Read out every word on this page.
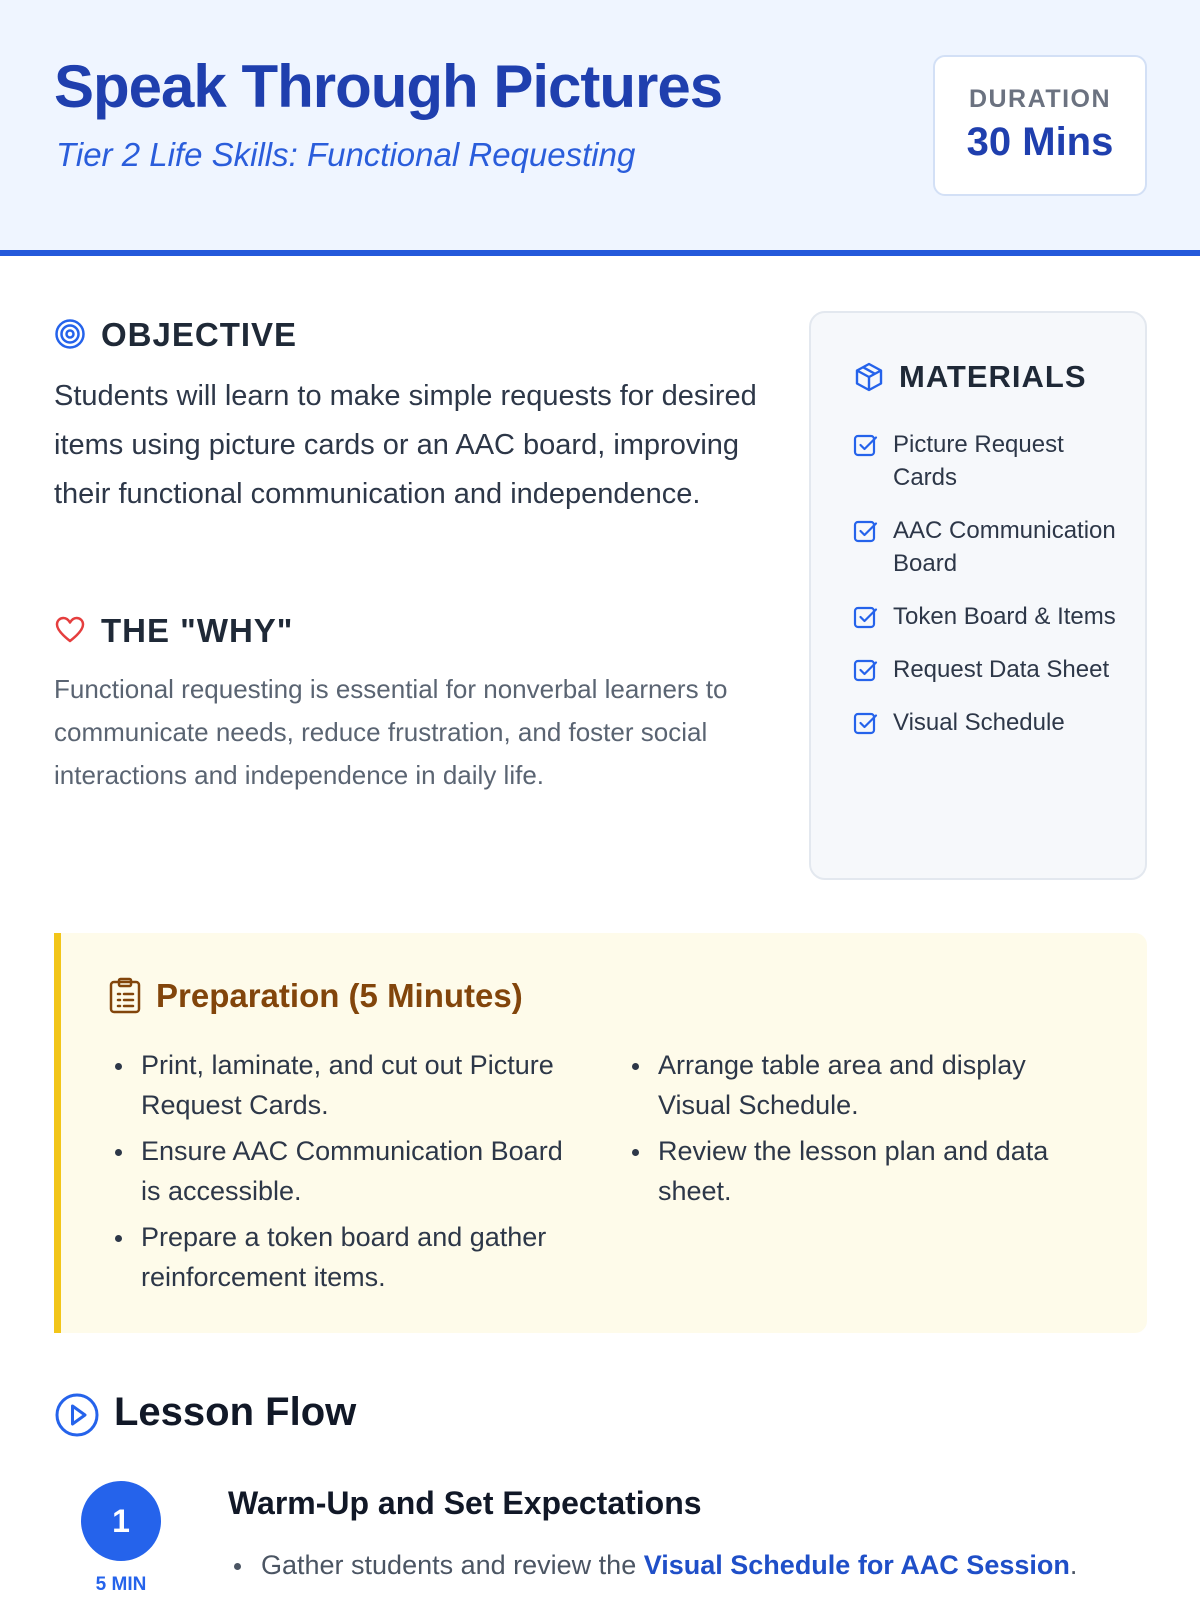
Speak Through Pictures
Tier 2 Life Skills: Functional Requesting
DURATION
30 Mins
OBJECTIVE

Students will learn to make simple requests for desired items using picture cards or an AAC board, improving their functional communication and independence.

THE "WHY"

Functional requesting is essential for nonverbal learners to communicate needs, reduce frustration, and foster social interactions and independence in daily life.

MATERIALS
Picture Request Cards
AAC Communication Board
Token Board & Items
Request Data Sheet
Visual Schedule
Preparation (5 Minutes)
Print, laminate, and cut out Picture Request Cards.
Ensure AAC Communication Board is accessible.
Prepare a token board and gather reinforcement items.
Arrange table area and display Visual Schedule.
Review the lesson plan and data sheet.
Lesson Flow
1
5 MIN
Warm-Up and Set Expectations
Gather students and review the Visual Schedule for AAC Session.
